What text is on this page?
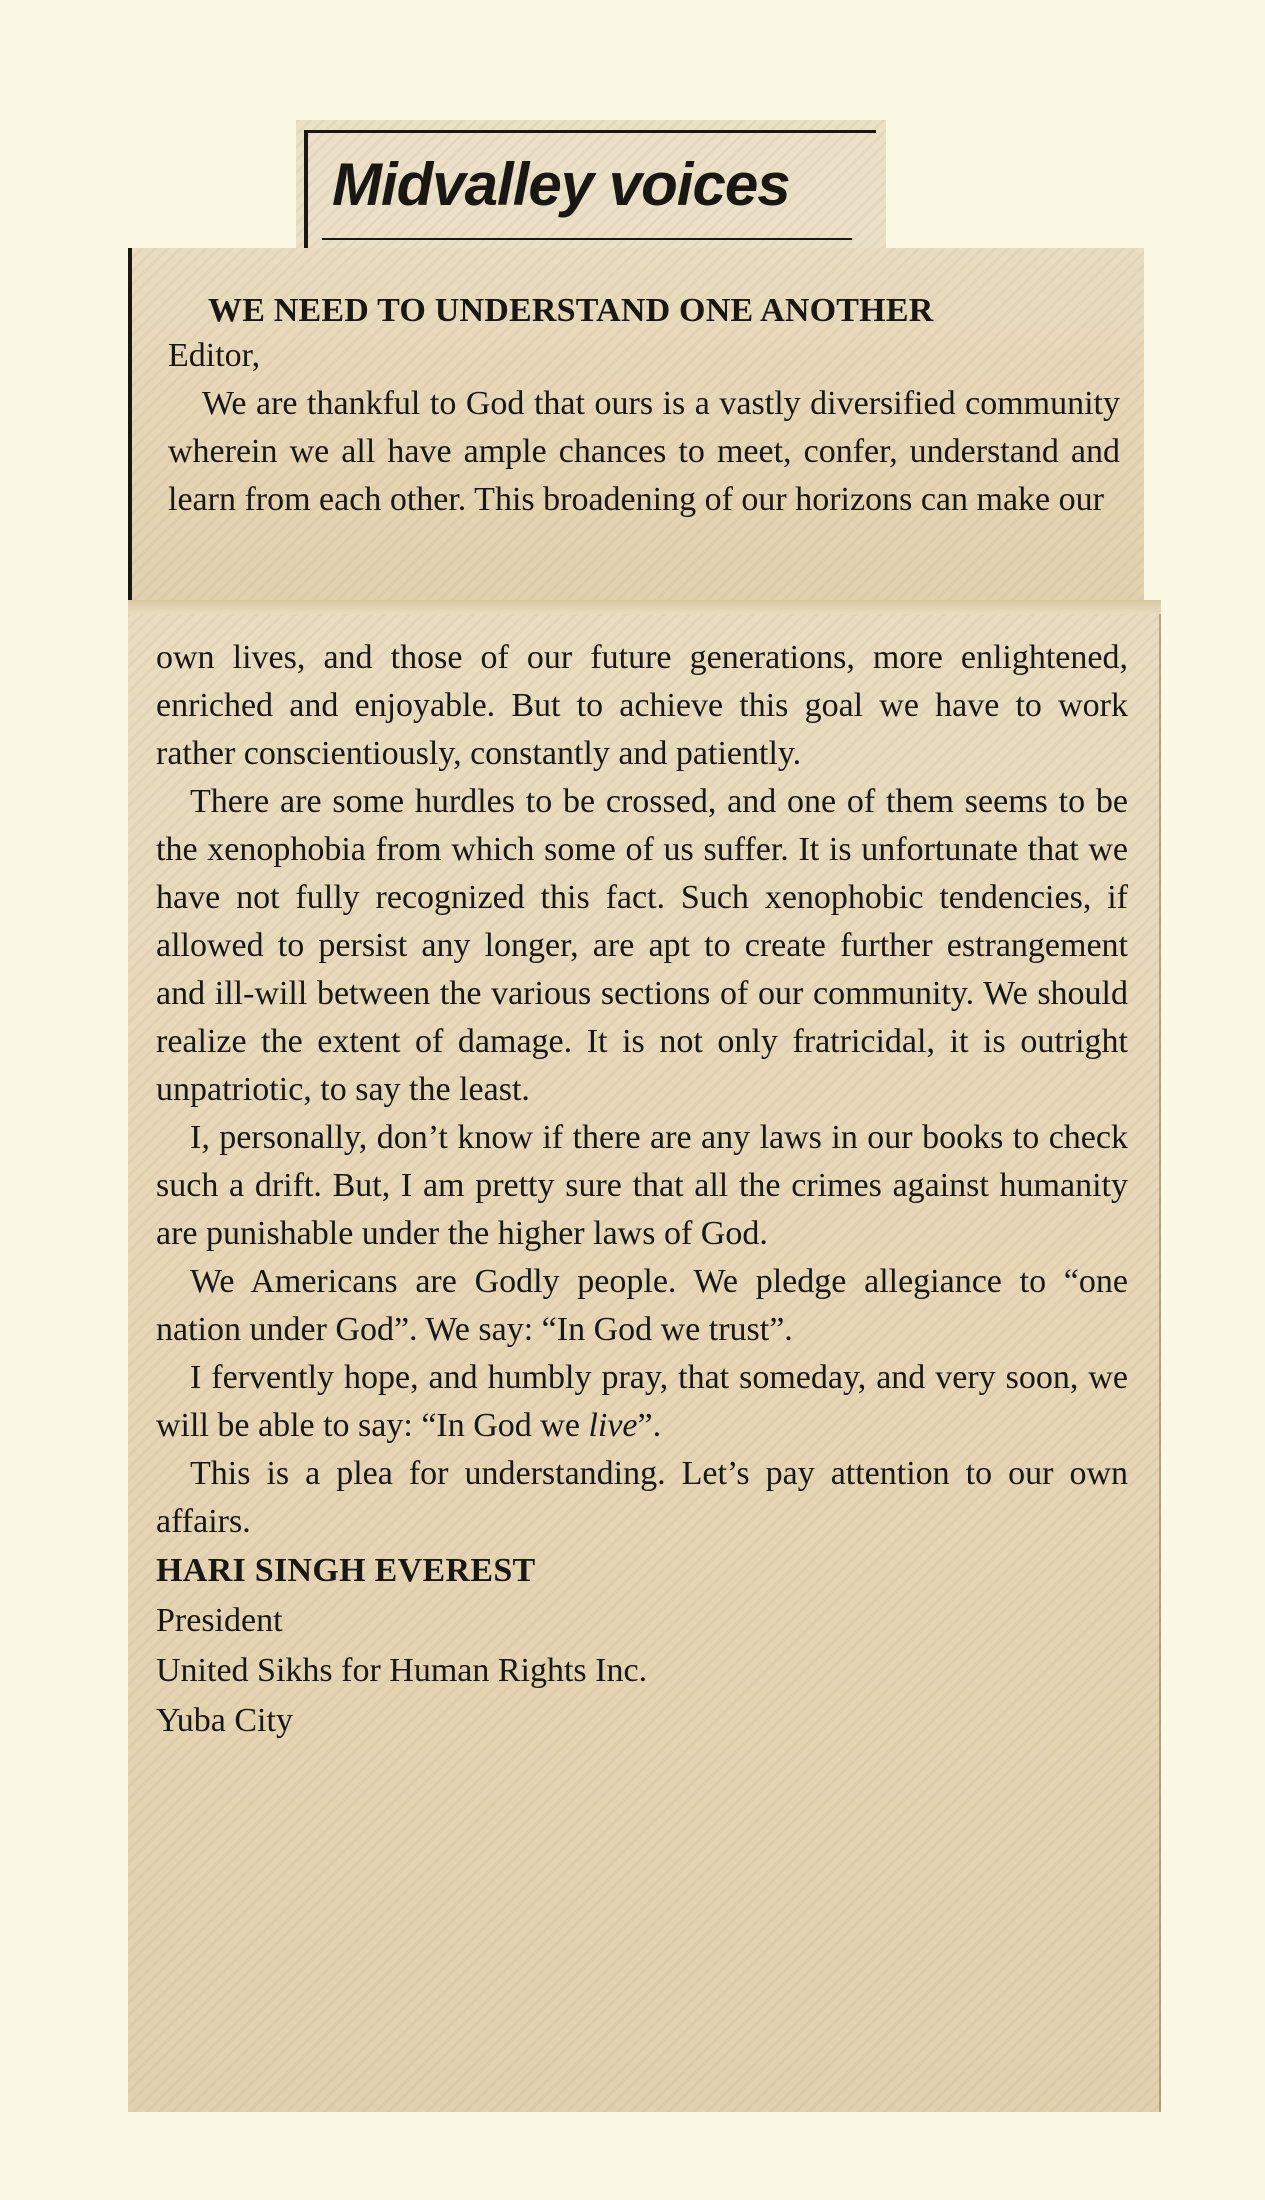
Midvalley voices
WE NEED TO UNDERSTAND ONE ANOTHER

Editor,

We are thankful to God that ours is a vastly diversified community wherein we all have ample chances to meet, confer, understand and learn from each other. This broadening of our horizons can make our

own lives, and those of our future generations, more enlightened, enriched and enjoyable. But to achieve this goal we have to work rather conscientiously, constantly and patiently.

There are some hurdles to be crossed, and one of them seems to be the xenophobia from which some of us suffer. It is unfortunate that we have not fully recognized this fact. Such xenophobic tendencies, if allowed to persist any longer, are apt to create further estrangement and ill-will between the various sections of our community. We should realize the extent of damage. It is not only fratricidal, it is outright unpatriotic, to say the least.

I, personally, don’t know if there are any laws in our books to check such a drift. But, I am pretty sure that all the crimes against humanity are punishable under the higher laws of God.

We Americans are Godly people. We pledge allegiance to “one nation under God”. We say: “In God we trust”.

I fervently hope, and humbly pray, that someday, and very soon, we will be able to say: “In God we live”.

This is a plea for understanding. Let’s pay attention to our own affairs.

HARI SINGH EVEREST
President
United Sikhs for Human Rights Inc.
Yuba City
